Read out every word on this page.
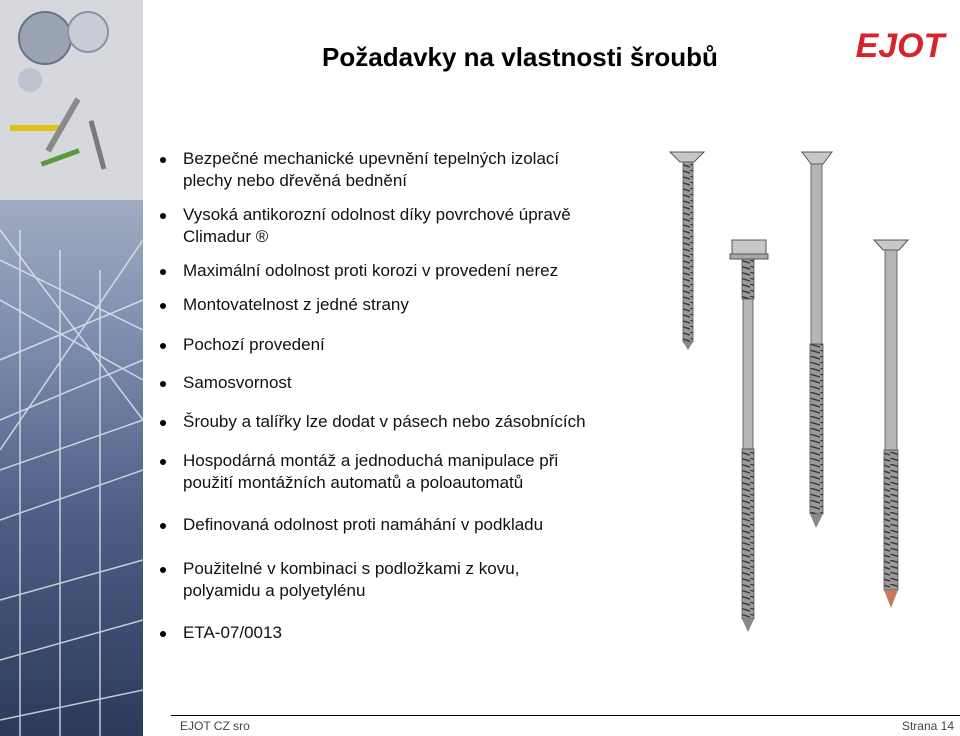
Požadavky na vlastnosti šroubů	EJOT
Bezpečné mechanické upevnění tepelných izolací
plechy nebo dřevěná bednění
Vysoká antikorozní odolnost díky povrchové úpravě
Climadur ®
Maximální odolnost proti korozi v provedení nerez
Montovatelnost z jedné strany
Pochozí provedení
Samosvornost
Šrouby a talířky lze dodat v pásech nebo zásobnících
Hospodárná montáž a jednoduchá manipulace při
použití montážních automatů a poloautomatů
Definovaná odolnost proti namáhání v podkladu
Použitelné v kombinaci s podložkami z kovu,
polyamidu a polyetylénu
ETA-07/0013
EJOT CZ sro	Strana 14
